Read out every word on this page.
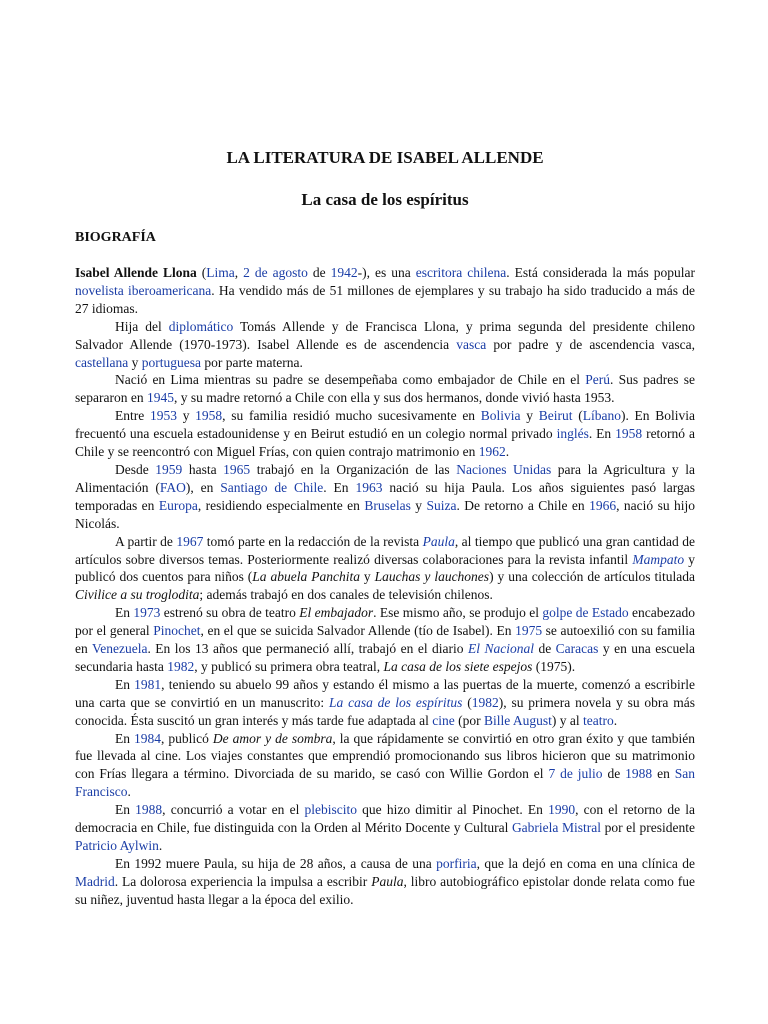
LA LITERATURA DE ISABEL ALLENDE
La casa de los espíritus
BIOGRAFÍA

Isabel Allende Llona (Lima, 2 de agosto de 1942-), es una escritora chilena. Está considerada la más popular novelista iberoamericana. Ha vendido más de 51 millones de ejemplares y su trabajo ha sido traducido a más de 27 idiomas.

Hija del diplomático Tomás Allende y de Francisca Llona, y prima segunda del presidente chileno Salvador Allende (1970-1973). Isabel Allende es de ascendencia vasca por padre y de ascendencia vasca, castellana y portuguesa por parte materna.

Nació en Lima mientras su padre se desempeñaba como embajador de Chile en el Perú. Sus padres se separaron en 1945, y su madre retornó a Chile con ella y sus dos hermanos, donde vivió hasta 1953.

Entre 1953 y 1958, su familia residió mucho sucesivamente en Bolivia y Beirut (Líbano). En Bolivia frecuentó una escuela estadounidense y en Beirut estudió en un colegio normal privado inglés. En 1958 retornó a Chile y se reencontró con Miguel Frías, con quien contrajo matrimonio en 1962.

Desde 1959 hasta 1965 trabajó en la Organización de las Naciones Unidas para la Agricultura y la Alimentación (FAO), en Santiago de Chile. En 1963 nació su hija Paula. Los años siguientes pasó largas temporadas en Europa, residiendo especialmente en Bruselas y Suiza. De retorno a Chile en 1966, nació su hijo Nicolás.

A partir de 1967 tomó parte en la redacción de la revista Paula, al tiempo que publicó una gran cantidad de artículos sobre diversos temas. Posteriormente realizó diversas colaboraciones para la revista infantil Mampato y publicó dos cuentos para niños (La abuela Panchita y Lauchas y lauchones) y una colección de artículos titulada Civilice a su troglodita; además trabajó en dos canales de televisión chilenos.

En 1973 estrenó su obra de teatro El embajador. Ese mismo año, se produjo el golpe de Estado encabezado por el general Pinochet, en el que se suicida Salvador Allende (tío de Isabel). En 1975 se autoexilió con su familia en Venezuela. En los 13 años que permaneció allí, trabajó en el diario El Nacional de Caracas y en una escuela secundaria hasta 1982, y publicó su primera obra teatral, La casa de los siete espejos (1975).

En 1981, teniendo su abuelo 99 años y estando él mismo a las puertas de la muerte, comenzó a escribirle una carta que se convirtió en un manuscrito: La casa de los espíritus (1982), su primera novela y su obra más conocida. Ésta suscitó un gran interés y más tarde fue adaptada al cine (por Bille August) y al teatro.

En 1984, publicó De amor y de sombra, la que rápidamente se convirtió en otro gran éxito y que también fue llevada al cine. Los viajes constantes que emprendió promocionando sus libros hicieron que su matrimonio con Frías llegara a término. Divorciada de su marido, se casó con Willie Gordon el 7 de julio de 1988 en San Francisco.

En 1988, concurrió a votar en el plebiscito que hizo dimitir al Pinochet. En 1990, con el retorno de la democracia en Chile, fue distinguida con la Orden al Mérito Docente y Cultural Gabriela Mistral por el presidente Patricio Aylwin.

En 1992 muere Paula, su hija de 28 años, a causa de una porfiria, que la dejó en coma en una clínica de Madrid. La dolorosa experiencia la impulsa a escribir Paula, libro autobiográfico epistolar donde relata como fue su niñez, juventud hasta llegar a la época del exilio.
